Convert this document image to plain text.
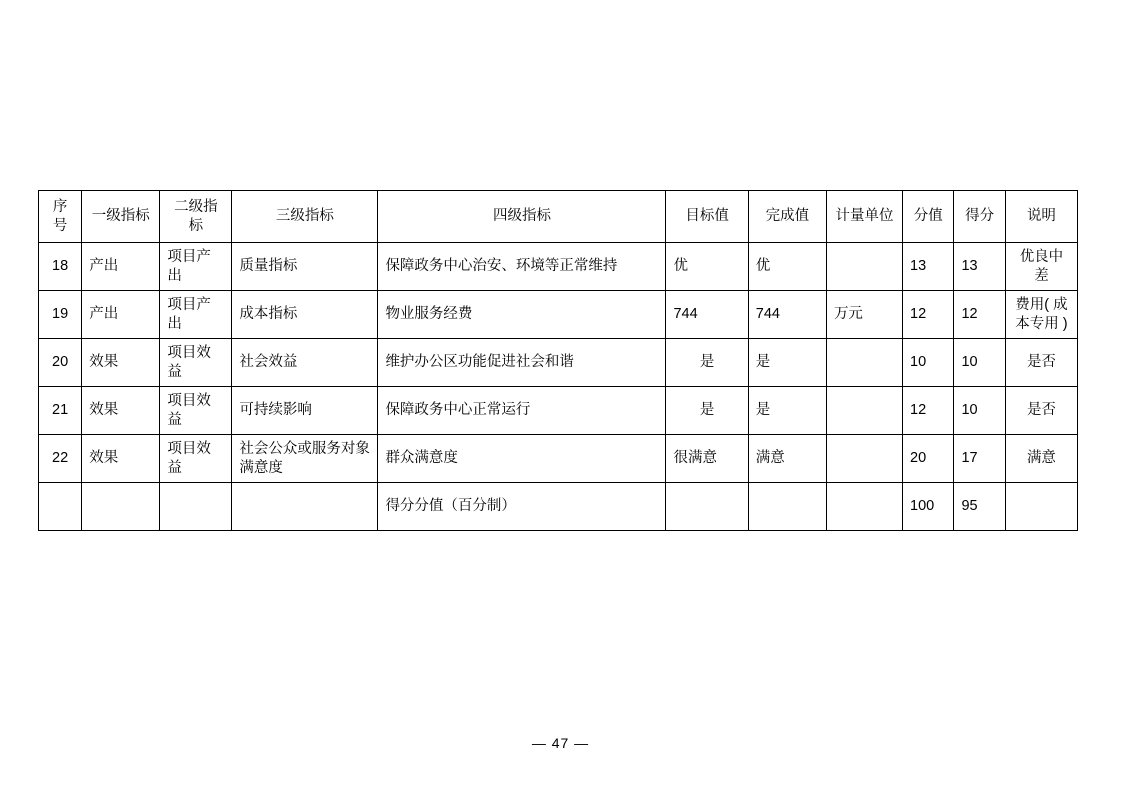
序号	一级指标	二级指标	三级指标	四级指标	目标值	完成值	计量单位	分值	得分	说明
18	产出	项目产出	质量指标	保障政务中心治安、环境等正常维持	优	优		13	13	优良中差
19	产出	项目产出	成本指标	物业服务经费	744	744	万元	12	12	费用( 成本专用 )
20	效果	项目效益	社会效益	维护办公区功能促进社会和谐	是	是		10	10	是否
21	效果	项目效益	可持续影响	保障政务中心正常运行	是	是		12	10	是否
22	效果	项目效益	社会公众或服务对象满意度	群众满意度	很满意	满意		20	17	满意
				得分分值（百分制）				100	95	
— 47 —
